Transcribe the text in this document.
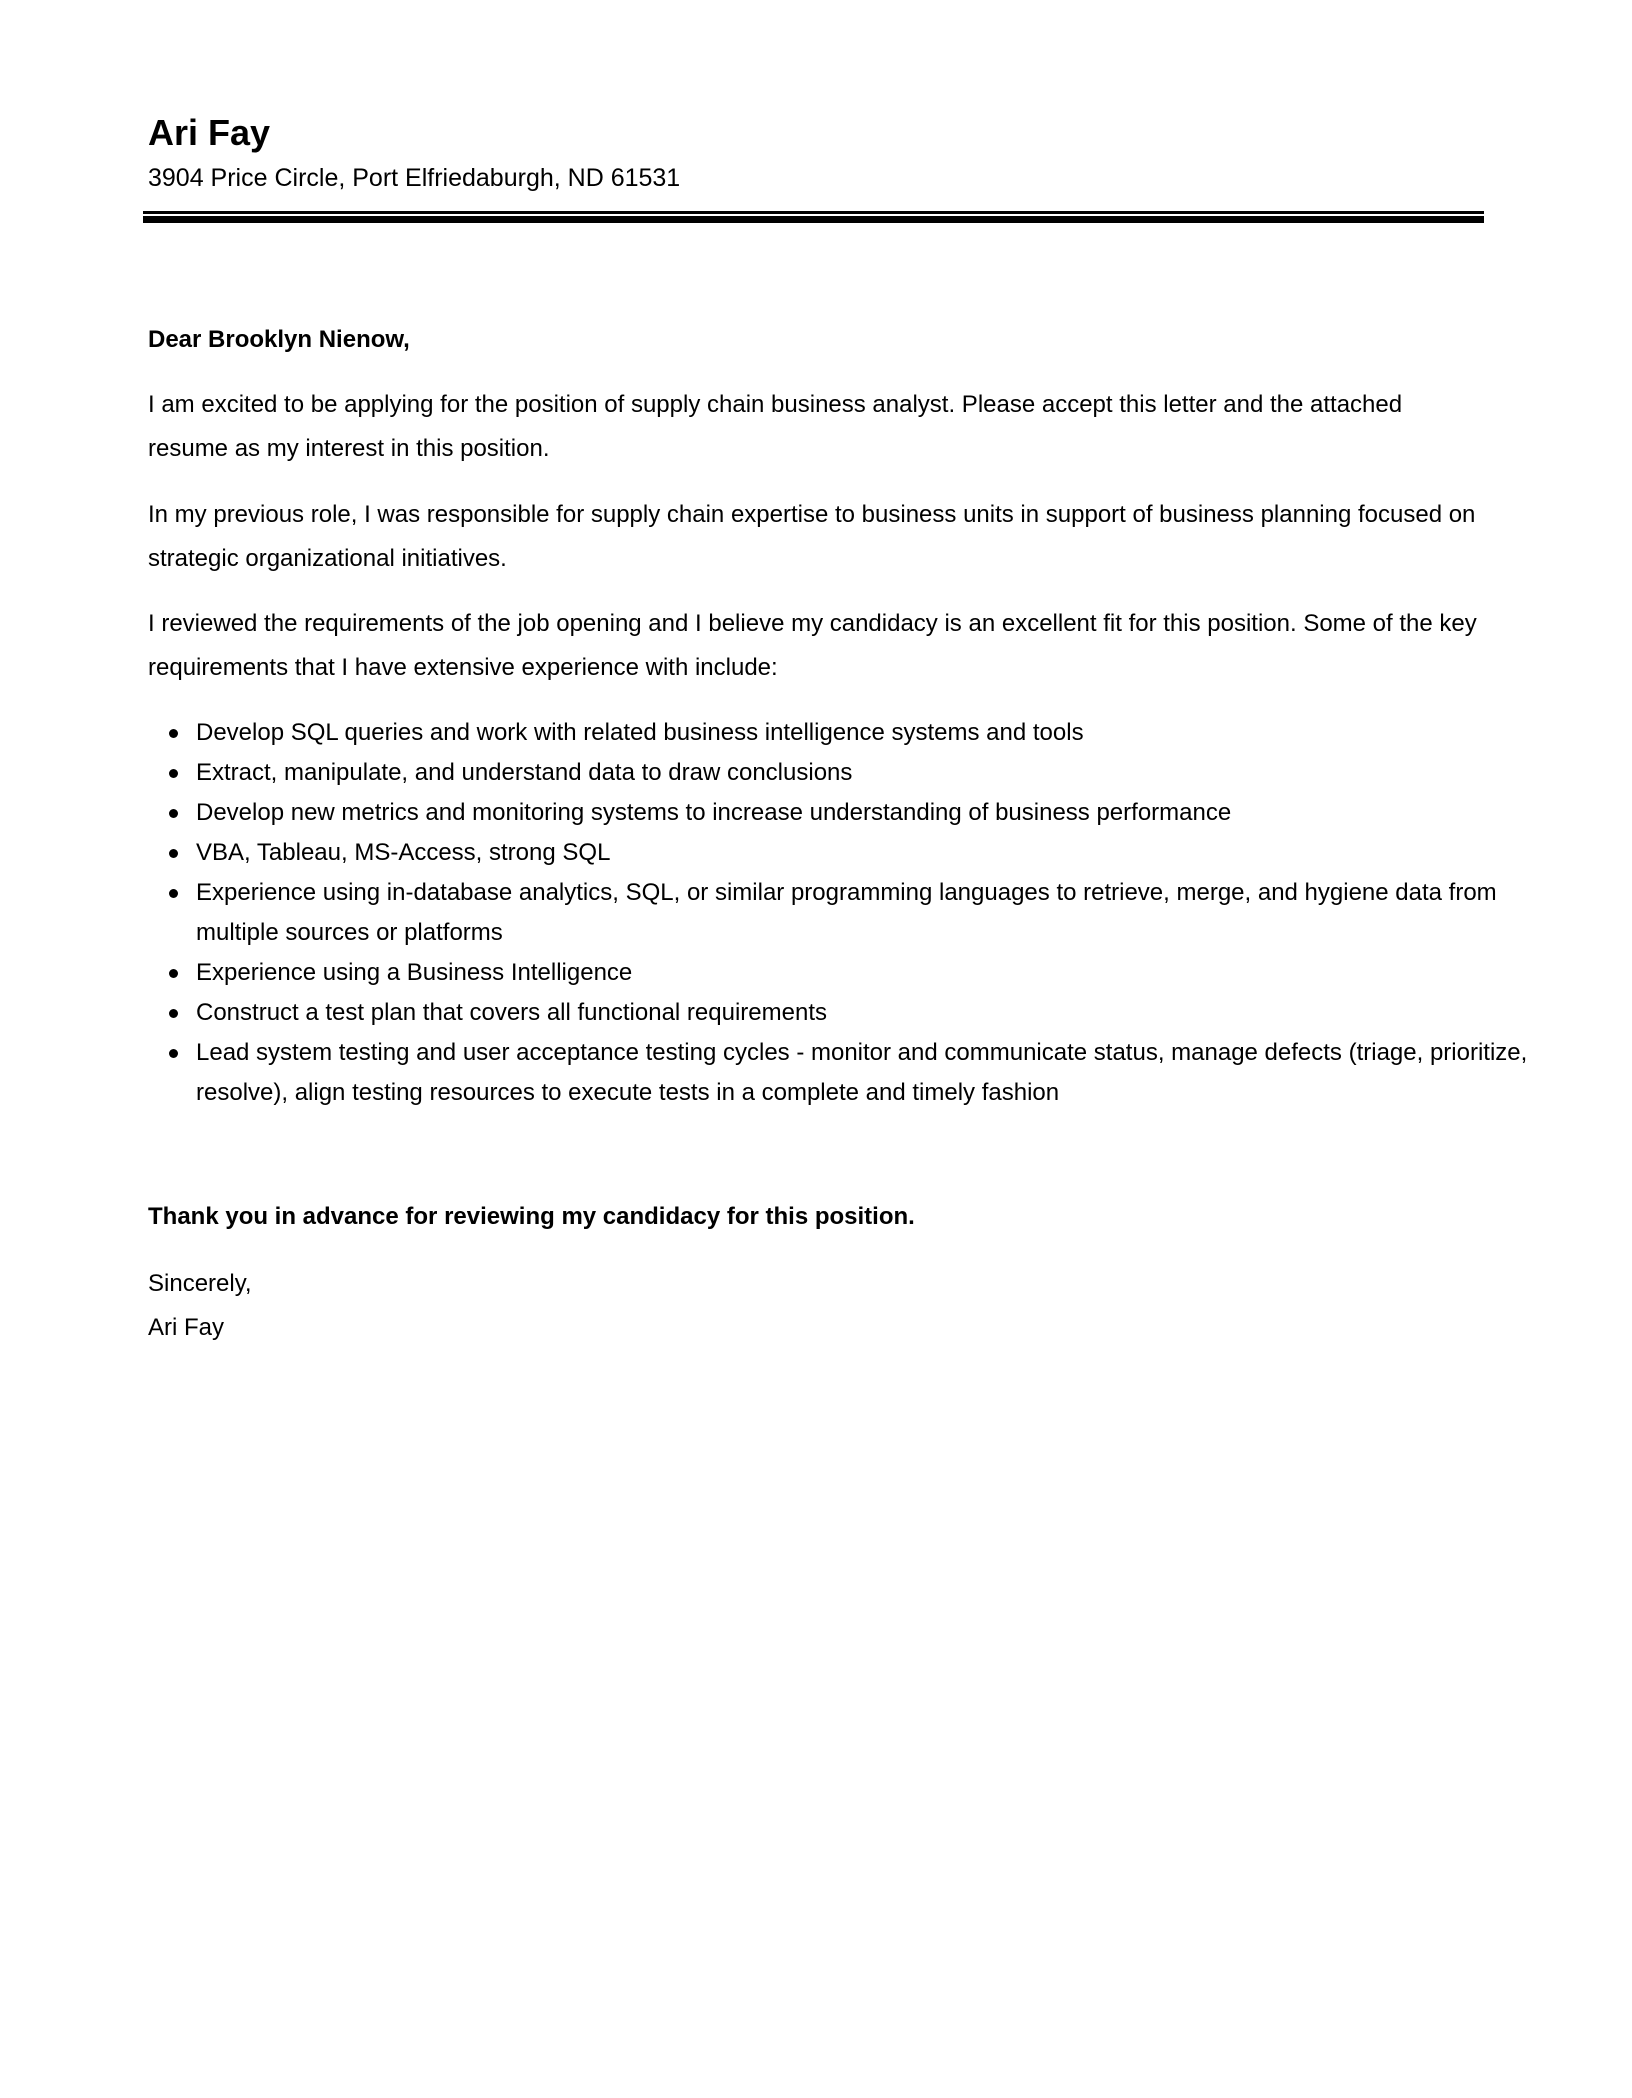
Ari Fay
3904 Price Circle, Port Elfriedaburgh, ND 61531

Dear Brooklyn Nienow,

I am excited to be applying for the position of supply chain business analyst. Please accept this letter and the attached resume as my interest in this position.

In my previous role, I was responsible for supply chain expertise to business units in support of business planning focused on strategic organizational initiatives.

I reviewed the requirements of the job opening and I believe my candidacy is an excellent fit for this position. Some of the key requirements that I have extensive experience with include:

Develop SQL queries and work with related business intelligence systems and tools
Extract, manipulate, and understand data to draw conclusions
Develop new metrics and monitoring systems to increase understanding of business performance
VBA, Tableau, MS-Access, strong SQL
Experience using in-database analytics, SQL, or similar programming languages to retrieve, merge, and hygiene data from multiple sources or platforms
Experience using a Business Intelligence
Construct a test plan that covers all functional requirements
Lead system testing and user acceptance testing cycles - monitor and communicate status, manage defects (triage, prioritize, resolve), align testing resources to execute tests in a complete and timely fashion

Thank you in advance for reviewing my candidacy for this position.

Sincerely,

Ari Fay
